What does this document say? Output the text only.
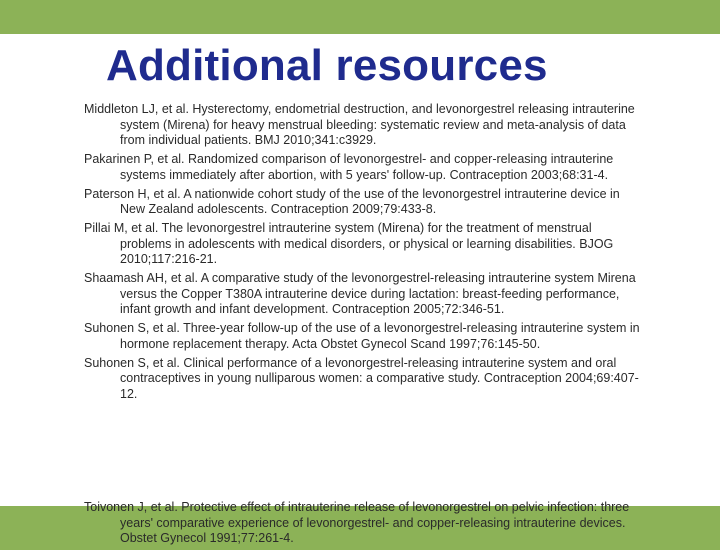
Additional resources
Middleton LJ, et al. Hysterectomy, endometrial destruction, and levonorgestrel releasing intrauterine system (Mirena) for heavy menstrual bleeding: systematic review and meta-analysis of data from individual patients. BMJ 2010;341:c3929.
Pakarinen P, et al. Randomized comparison of levonorgestrel- and copper-releasing intrauterine systems immediately after abortion, with 5 years' follow-up. Contraception 2003;68:31-4.
Paterson H, et al. A nationwide cohort study of the use of the levonorgestrel intrauterine device in New Zealand adolescents. Contraception 2009;79:433-8.
Pillai M, et al. The levonorgestrel intrauterine system (Mirena) for the treatment of menstrual problems in adolescents with medical disorders, or physical or learning disabilities. BJOG 2010;117:216-21.
Shaamash AH, et al. A comparative study of the levonorgestrel-releasing intrauterine system Mirena versus the Copper T380A intrauterine device during lactation: breast-feeding performance, infant growth and infant development. Contraception 2005;72:346-51.
Suhonen S, et al. Three-year follow-up of the use of a levonorgestrel-releasing intrauterine system in hormone replacement therapy. Acta Obstet Gynecol Scand 1997;76:145-50.
Suhonen S, et al. Clinical performance of a levonorgestrel-releasing intrauterine system and oral contraceptives in young nulliparous women: a comparative study. Contraception 2004;69:407-12.
Toivonen J, et al. Protective effect of intrauterine release of levonorgestrel on pelvic infection: three years' comparative experience of levonorgestrel- and copper-releasing intrauterine devices. Obstet Gynecol 1991;77:261-4.
